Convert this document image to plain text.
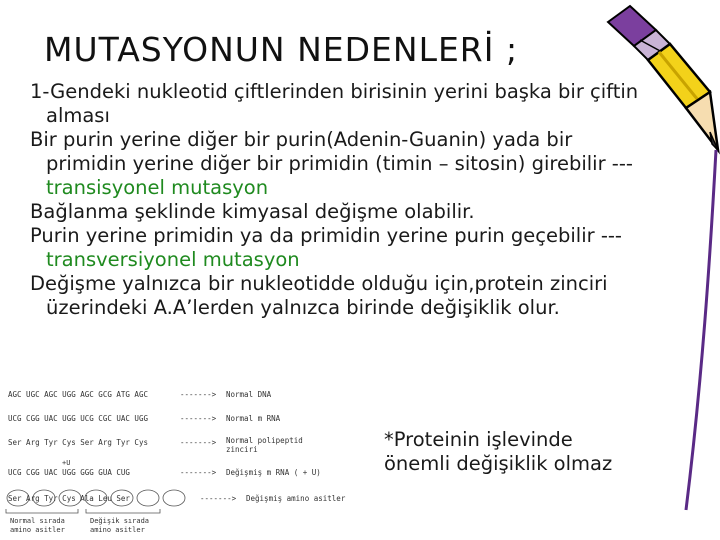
MUTASYONUN NEDENLERİ ;

1-Gendeki nukleotid çiftlerinden birisinin yerini başka bir çiftin alması

Bir purin yerine diğer bir purin(Adenin-Guanin) yada bir primidin yerine diğer bir primidin (timin – sitosin) girebilir --- transisyonel mutasyon

Bağlanma şeklinde kimyasal değişme olabilir.

Purin yerine primidin ya da primidin yerine purin geçebilir --- transversiyonel mutasyon

Değişme yalnızca bir nukleotidde olduğu için,protein zinciri üzerindeki A.A’lerden yalnızca birinde değişiklik olur.

AGC UGC AGC UGG AGC GCG ATG AGC	-------> Normal DNA
UCG CGG UAC UGG UCG CGC UAC UGG	-------> Normal m RNA
Ser Arg Tyr Cys Ser Arg Tyr Cys	-------> Normal polipeptid
zinciri
+U
UCG CGG UAC UGG GGG GUA CUG	-------> Değişmiş m RNA ( + U)
Ser Arg Tyr Cys Ala Leu Ser	-------> Değişmiş amino asitler
Normal sırada
amino asitler
Değişik sırada
amino asitler
*Proteinin işlevinde
önemli değişiklik olmaz
